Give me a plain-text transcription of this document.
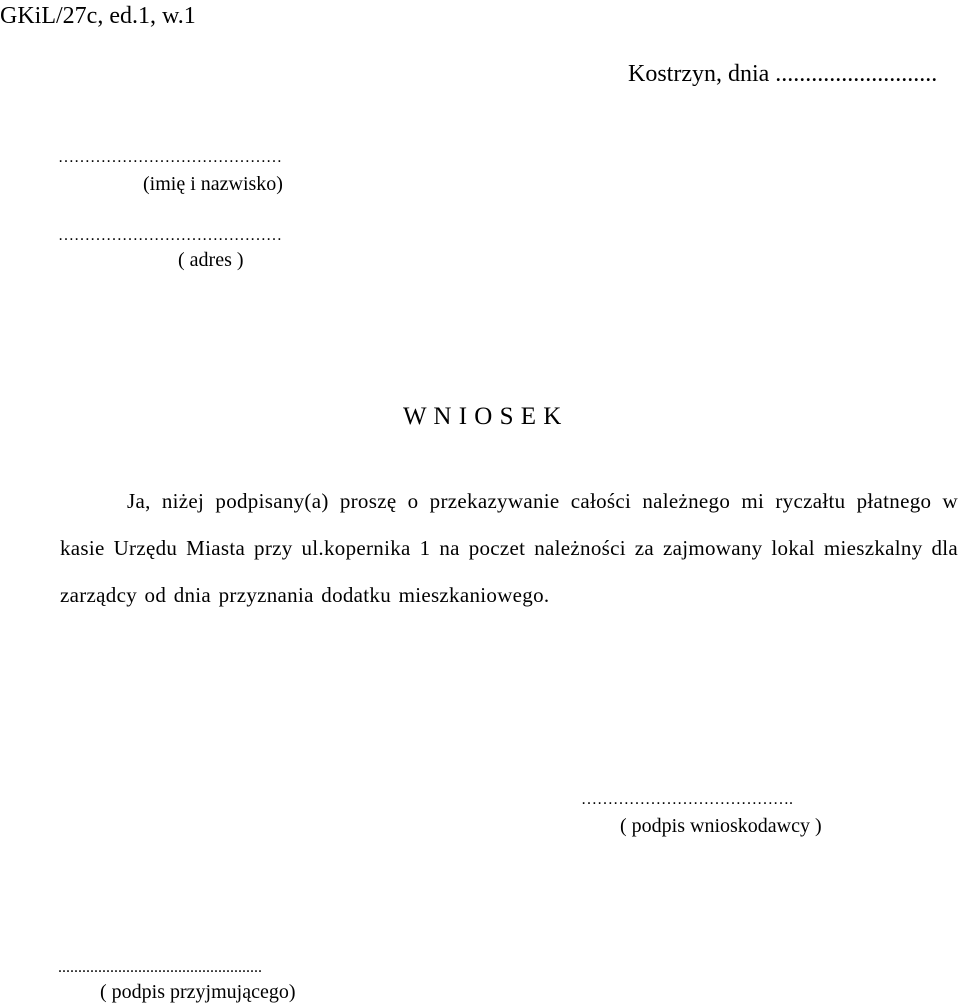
GKiL/27c, ed.1, w.1
Kostrzyn, dnia ...........................
……………………………………
(imię i nazwisko)
……………………………………
( adres )
W N I O S E K
Ja, niżej podpisany(a) proszę o przekazywanie całości należnego mi ryczałtu płatnego w kasie Urzędu Miasta przy ul.kopernika 1 na poczet należności za zajmowany lokal mieszkalny dla zarządcy od dnia przyznania dodatku mieszkaniowego.
………………………………….
( podpis wnioskodawcy )
...................................................
( podpis przyjmującego)
